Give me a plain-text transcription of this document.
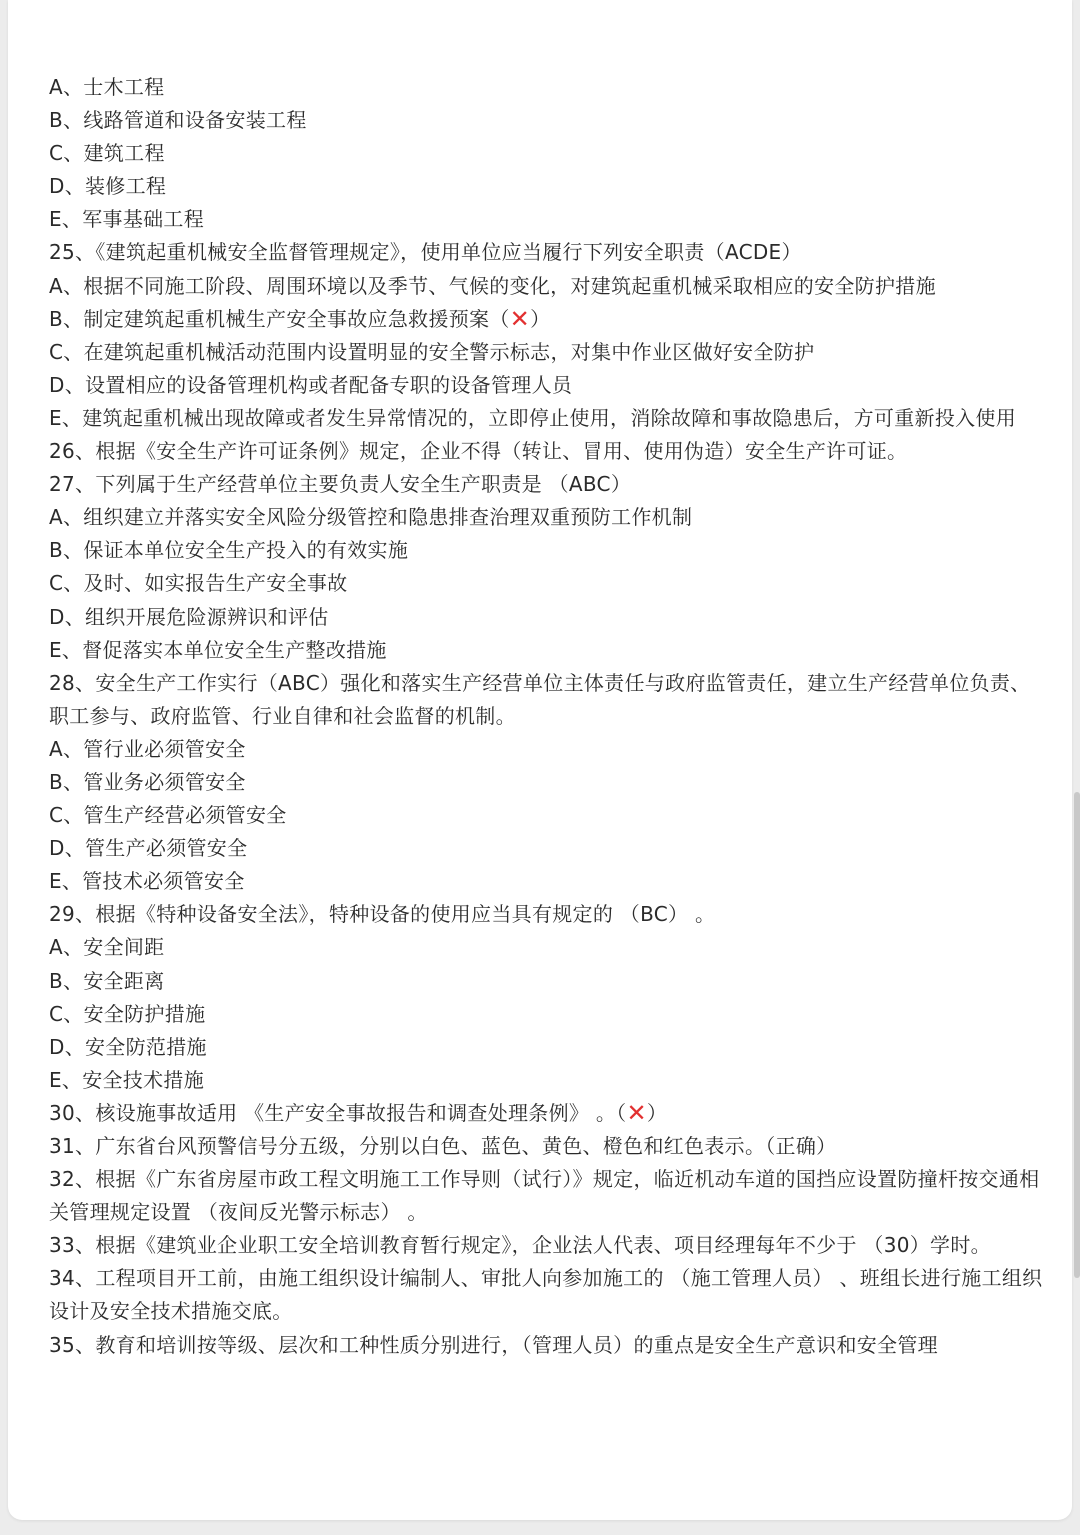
A、士木工程
B、线路管道和设备安装工程
C、建筑工程
D、装修工程
E、军事基础工程
25、《建筑起重机械安全监督管理规定》，使用单位应当履行下列安全职责（ACDE）
A、根据不同施工阶段、周围环境以及季节、气候的变化，对建筑起重机械采取相应的安全防护措施
B、制定建筑起重机械生产安全事故应急救援预案（✕）
C、在建筑起重机械活动范围内设置明显的安全警示标志，对集中作业区做好安全防护
D、设置相应的设备管理机构或者配备专职的设备管理人员
E、建筑起重机械出现故障或者发生异常情况的，立即停止使用，消除故障和事故隐患后，方可重新投入使用
26、根据《安全生产许可证条例》规定，企业不得（转让、冒用、使用伪造）安全生产许可证。
27、下列属于生产经营单位主要负责人安全生产职责是 （ABC）
A、组织建立并落实安全风险分级管控和隐患排查治理双重预防工作机制
B、保证本单位安全生产投入的有效实施
C、及时、如实报告生产安全事故
D、组织开展危险源辨识和评估
E、督促落实本单位安全生产整改措施
28、安全生产工作实行（ABC）强化和落实生产经营单位主体责任与政府监管责任，建立生产经营单位负责、职工参与、政府监管、行业自律和社会监督的机制。
A、管行业必须管安全
B、管业务必须管安全
C、管生产经营必须管安全
D、管生产必须管安全
E、管技术必须管安全
29、根据《特种设备安全法》，特种设备的使用应当具有规定的 （BC） 。
A、安全间距
B、安全距离
C、安全防护措施
D、安全防范措施
E、安全技术措施
30、核设施事故适用 《生产安全事故报告和调查处理条例》 。（✕）
31、广东省台风预警信号分五级，分别以白色、蓝色、黄色、橙色和红色表示。（正确）
32、根据《广东省房屋市政工程文明施工工作导则（试行）》规定，临近机动车道的国挡应设置防撞杆按交通相关管理规定设置 （夜间反光警示标志） 。
33、根据《建筑业企业职工安全培训教育暂行规定》，企业法人代表、项目经理每年不少于 （30）学时。
34、工程项目开工前，由施工组织设计编制人、审批人向参加施工的 （施工管理人员） 、班组长进行施工组织设计及安全技术措施交底。
35、教育和培训按等级、层次和工种性质分别进行，（管理人员）的重点是安全生产意识和安全管理
